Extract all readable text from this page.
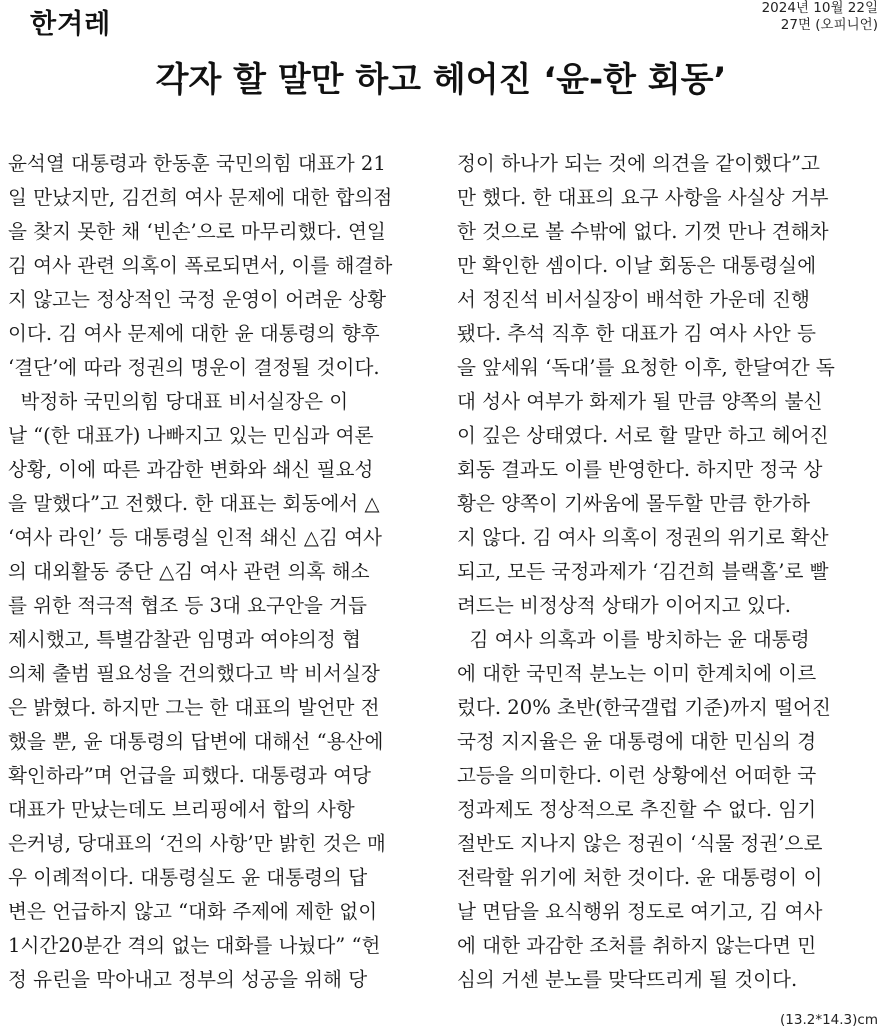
한겨레
2024년 10월 22일
27면 (오피니언)
각자 할 말만 하고 헤어진 ‘윤-한 회동’
윤석열 대통령과 한동훈 국민의힘 대표가 21
일 만났지만, 김건희 여사 문제에 대한 합의점
을 찾지 못한 채 ‘빈손’으로 마무리했다. 연일
김 여사 관련 의혹이 폭로되면서, 이를 해결하
지 않고는 정상적인 국정 운영이 어려운 상황
이다. 김 여사 문제에 대한 윤 대통령의 향후
‘결단’에 따라 정권의 명운이 결정될 것이다.
박정하 국민의힘 당대표 비서실장은 이
날 “(한 대표가) 나빠지고 있는 민심과 여론
상황, 이에 따른 과감한 변화와 쇄신 필요성
을 말했다”고 전했다. 한 대표는 회동에서 △
‘여사 라인’ 등 대통령실 인적 쇄신 △김 여사
의 대외활동 중단 △김 여사 관련 의혹 해소
를 위한 적극적 협조 등 3대 요구안을 거듭
제시했고, 특별감찰관 임명과 여야의정 협
의체 출범 필요성을 건의했다고 박 비서실장
은 밝혔다. 하지만 그는 한 대표의 발언만 전
했을 뿐, 윤 대통령의 답변에 대해선 “용산에
확인하라”며 언급을 피했다. 대통령과 여당
대표가 만났는데도 브리핑에서 합의 사항
은커녕, 당대표의 ‘건의 사항’만 밝힌 것은 매
우 이례적이다. 대통령실도 윤 대통령의 답
변은 언급하지 않고 “대화 주제에 제한 없이
1시간20분간 격의 없는 대화를 나눴다” “헌
정 유린을 막아내고 정부의 성공을 위해 당
정이 하나가 되는 것에 의견을 같이했다”고
만 했다. 한 대표의 요구 사항을 사실상 거부
한 것으로 볼 수밖에 없다. 기껏 만나 견해차
만 확인한 셈이다. 이날 회동은 대통령실에
서 정진석 비서실장이 배석한 가운데 진행
됐다. 추석 직후 한 대표가 김 여사 사안 등
을 앞세워 ‘독대’를 요청한 이후, 한달여간 독
대 성사 여부가 화제가 될 만큼 양쪽의 불신
이 깊은 상태였다. 서로 할 말만 하고 헤어진
회동 결과도 이를 반영한다. 하지만 정국 상
황은 양쪽이 기싸움에 몰두할 만큼 한가하
지 않다. 김 여사 의혹이 정권의 위기로 확산
되고, 모든 국정과제가 ‘김건희 블랙홀’로 빨
려드는 비정상적 상태가 이어지고 있다.
김 여사 의혹과 이를 방치하는 윤 대통령
에 대한 국민적 분노는 이미 한계치에 이르
렀다. 20% 초반(한국갤럽 기준)까지 떨어진
국정 지지율은 윤 대통령에 대한 민심의 경
고등을 의미한다. 이런 상황에선 어떠한 국
정과제도 정상적으로 추진할 수 없다. 임기
절반도 지나지 않은 정권이 ‘식물 정권’으로
전락할 위기에 처한 것이다. 윤 대통령이 이
날 면담을 요식행위 정도로 여기고, 김 여사
에 대한 과감한 조처를 취하지 않는다면 민
심의 거센 분노를 맞닥뜨리게 될 것이다.
(13.2*14.3)cm
